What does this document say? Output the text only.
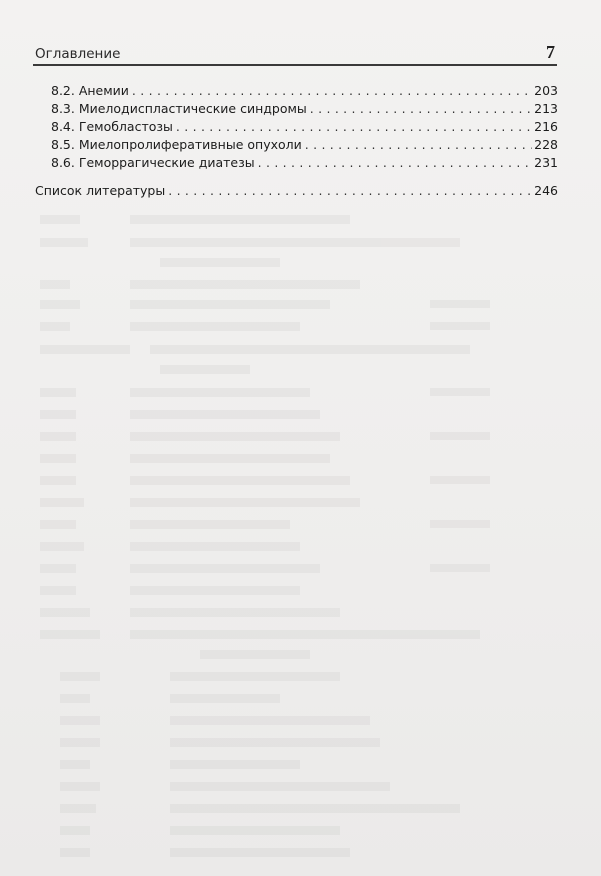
Оглавление	7
8.2. Анемии . . .	203
8.3. Миелодиспластические синдромы . . .	213
8.4. Гемобластозы . . .	216
8.5. Миелопролиферативные опухоли . . .	228
8.6. Геморрагические диатезы . . .	231
Список литературы . . .	246
